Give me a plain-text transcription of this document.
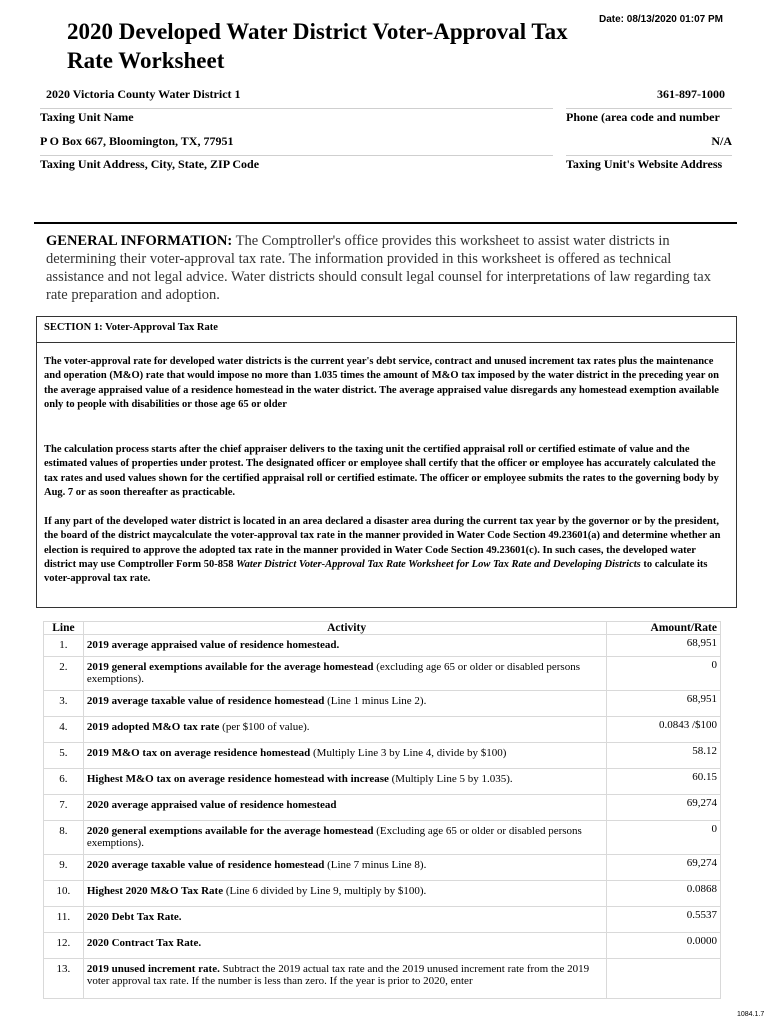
2020 Developed Water District Voter-Approval Tax Rate Worksheet
Date: 08/13/2020 01:07 PM
2020 Victoria County Water District 1	361-897-1000
Taxing Unit Name	Phone (area code and number
P O Box 667, Bloomington, TX, 77951	N/A
Taxing Unit Address, City, State, ZIP Code	Taxing Unit's Website Address
GENERAL INFORMATION: The Comptroller's office provides this worksheet to assist water districts in determining their voter-approval tax rate. The information provided in this worksheet is offered as technical assistance and not legal advice. Water districts should consult legal counsel for interpretations of law regarding tax rate preparation and adoption.
SECTION 1: Voter-Approval Tax Rate
The voter-approval rate for developed water districts is the current year's debt service, contract and unused increment tax rates plus the maintenance and operation (M&O) rate that would impose no more than 1.035 times the amount of M&O tax imposed by the water district in the preceding year on the average appraised value of a residence homestead in the water district. The average appraised value disregards any homestead exemption available only to people with disabilities or those age 65 or older
The calculation process starts after the chief appraiser delivers to the taxing unit the certified appraisal roll or certified estimate of value and the estimated values of properties under protest. The designated officer or employee shall certify that the officer or employee has accurately calculated the tax rates and used values shown for the certified appraisal roll or certified estimate. The officer or employee submits the rates to the governing body by Aug. 7 or as soon thereafter as practicable.
If any part of the developed water district is located in an area declared a disaster area during the current tax year by the governor or by the president, the board of the district maycalculate the voter-approval tax rate in the manner provided in Water Code Section 49.23601(a) and determine whether an election is required to approve the adopted tax rate in the manner provided in Water Code Section 49.23601(c). In such cases, the developed water district may use Comptroller Form 50-858 Water District Voter-Approval Tax Rate Worksheet for Low Tax Rate and Developing Districts to calculate its voter-approval tax rate.
Line	Activity	Amount/Rate
1.	2019 average appraised value of residence homestead.	68,951
2.	2019 general exemptions available for the average homestead (excluding age 65 or older or disabled persons exemptions).	0
3.	2019 average taxable value of residence homestead (Line 1 minus Line 2).	68,951
4.	2019 adopted M&O tax rate (per $100 of value).	0.0843 /$100
5.	2019 M&O tax on average residence homestead (Multiply Line 3 by Line 4, divide by $100)	58.12
6.	Highest M&O tax on average residence homestead with increase (Multiply Line 5 by 1.035).	60.15
7.	2020 average appraised value of residence homestead	69,274
8.	2020 general exemptions available for the average homestead (Excluding age 65 or older or disabled persons exemptions).	0
9.	2020 average taxable value of residence homestead (Line 7 minus Line 8).	69,274
10.	Highest 2020 M&O Tax Rate (Line 6 divided by Line 9, multiply by $100).	0.0868
11.	2020 Debt Tax Rate.	0.5537
12.	2020 Contract Tax Rate.	0.0000
13.	2019 unused increment rate. Subtract the 2019 actual tax rate and the 2019 unused increment rate from the 2019 voter approval tax rate. If the number is less than zero. If the year is prior to 2020, enter	
1084.1.7
